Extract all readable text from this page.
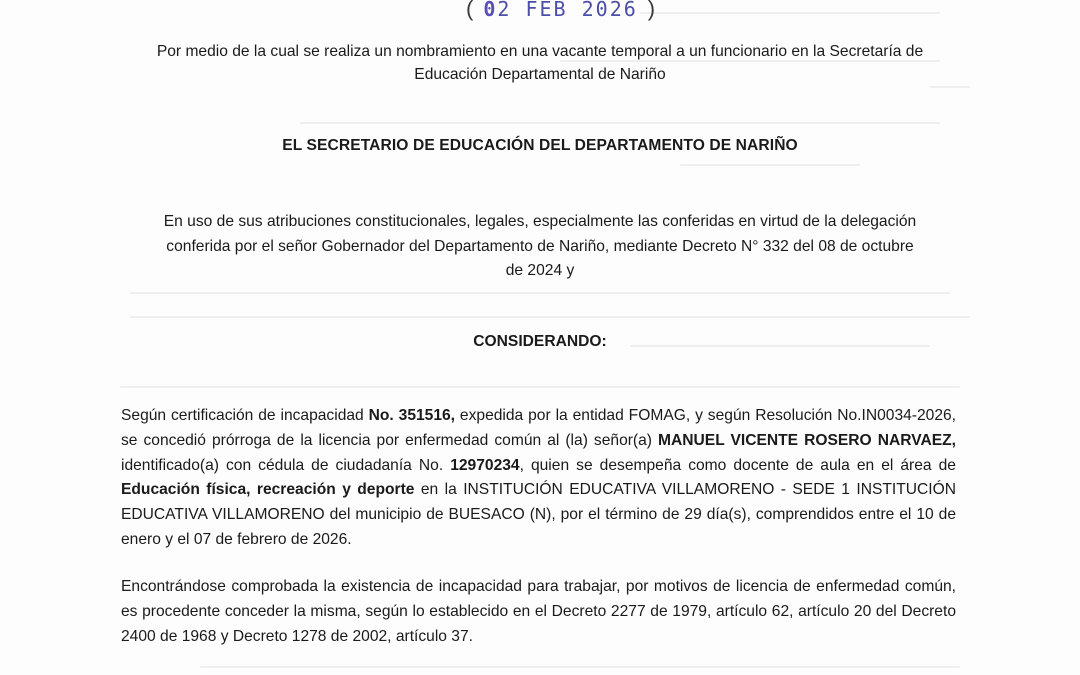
( 02 FEB 2026 )
Por medio de la cual se realiza un nombramiento en una vacante temporal a un funcionario en la Secretaría de
Educación Departamental de Nariño
EL SECRETARIO DE EDUCACIÓN DEL DEPARTAMENTO DE NARIÑO
En uso de sus atribuciones constitucionales, legales, especialmente las conferidas en virtud de la delegación
conferida por el señor Gobernador del Departamento de Nariño, mediante Decreto N° 332 del 08 de octubre
de 2024 y
CONSIDERANDO:
Según certificación de incapacidad No. 351516, expedida por la entidad FOMAG, y según Resolución No.IN0034-2026, se concedió prórroga de la licencia por enfermedad común al (la) señor(a) MANUEL VICENTE ROSERO NARVAEZ, identificado(a) con cédula de ciudadanía No. 12970234, quien se desempeña como docente de aula en el área de Educación física, recreación y deporte en la INSTITUCIÓN EDUCATIVA VILLAMORENO - SEDE 1 INSTITUCIÓN EDUCATIVA VILLAMORENO del municipio de BUESACO (N), por el término de 29 día(s), comprendidos entre el 10 de enero y el 07 de febrero de 2026.
Encontrándose comprobada la existencia de incapacidad para trabajar, por motivos de licencia de enfermedad común, es procedente conceder la misma, según lo establecido en el Decreto 2277 de 1979, artículo 62, artículo 20 del Decreto 2400 de 1968 y Decreto 1278 de 2002, artículo 37.
